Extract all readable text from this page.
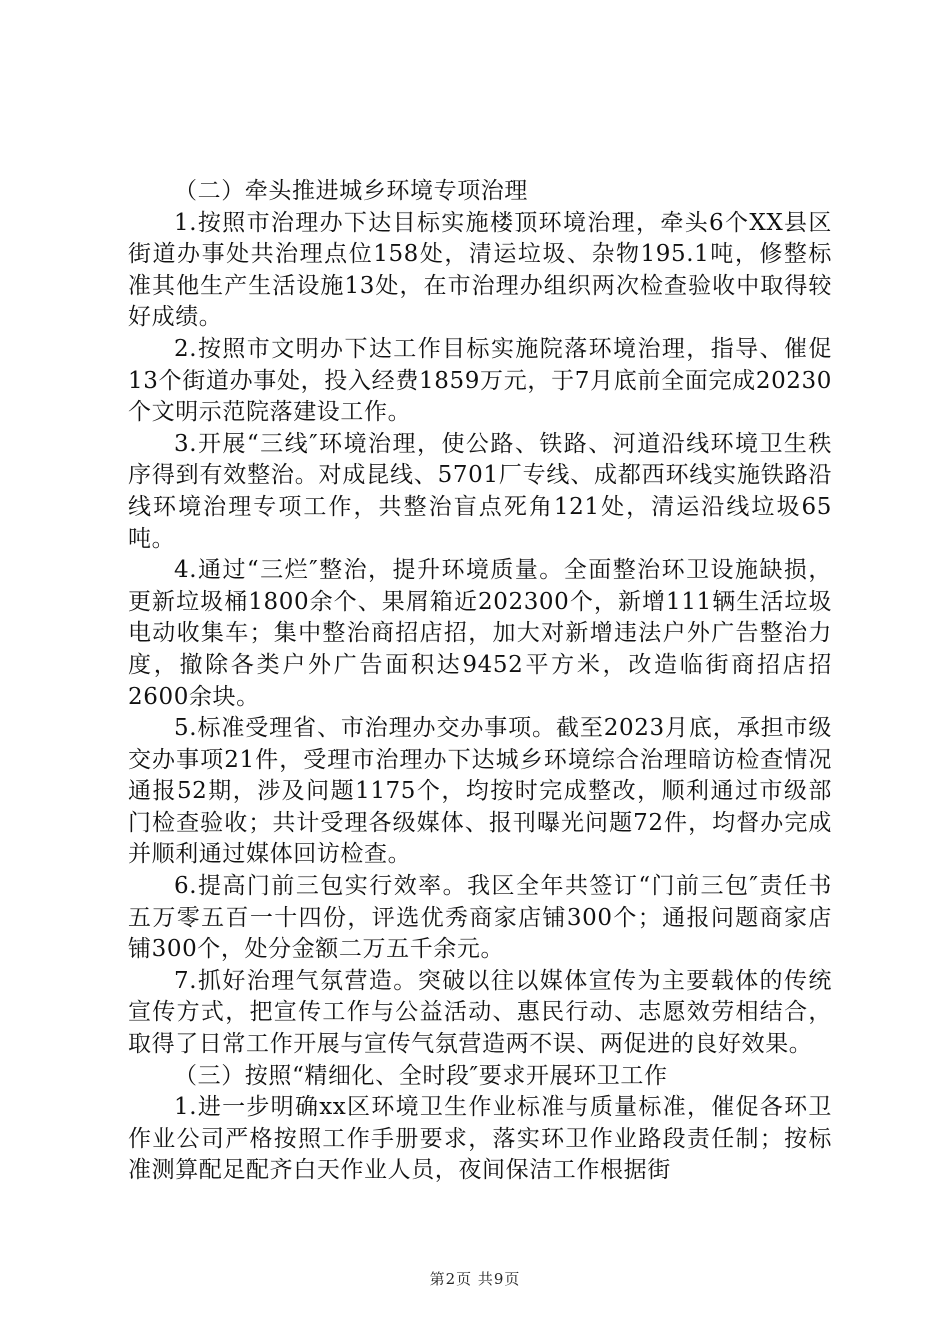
（二）牵头推进城乡环境专项治理

1.按照市治理办下达目标实施楼顶环境治理，牵头6个XX县区街道办事处共治理点位158处，清运垃圾、杂物195.1吨，修整标准其他生产生活设施13处，在市治理办组织两次检查验收中取得较好成绩。

2.按照市文明办下达工作目标实施院落环境治理，指导、催促13个街道办事处，投入经费1859万元，于7月底前全面完成20230个文明示范院落建设工作。

3.开展“三线″环境治理，使公路、铁路、河道沿线环境卫生秩序得到有效整治。对成昆线、5701厂专线、成都西环线实施铁路沿线环境治理专项工作，共整治盲点死角121处，清运沿线垃圾65吨。

4.通过“三烂″整治，提升环境质量。全面整治环卫设施缺损，更新垃圾桶1800余个、果屑箱近202300个，新增111辆生活垃圾电动收集车；集中整治商招店招，加大对新增违法户外广告整治力度，撤除各类户外广告面积达9452平方米，改造临街商招店招2600余块。

5.标准受理省、市治理办交办事项。截至2023月底，承担市级交办事项21件，受理市治理办下达城乡环境综合治理暗访检查情况通报52期，涉及问题1175个，均按时完成整改，顺利通过市级部门检查验收；共计受理各级媒体、报刊曝光问题72件，均督办完成并顺利通过媒体回访检查。

6.提高门前三包实行效率。我区全年共签订“门前三包″责任书五万零五百一十四份，评选优秀商家店铺300个；通报问题商家店铺300个，处分金额二万五千余元。

7.抓好治理气氛营造。突破以往以媒体宣传为主要载体的传统宣传方式，把宣传工作与公益活动、惠民行动、志愿效劳相结合，取得了日常工作开展与宣传气氛营造两不误、两促进的良好效果。

（三）按照“精细化、全时段″要求开展环卫工作

1.进一步明确xx区环境卫生作业标准与质量标准，催促各环卫作业公司严格按照工作手册要求，落实环卫作业路段责任制；按标准测算配足配齐白天作业人员，夜间保洁工作根据街

第2页 共9页
